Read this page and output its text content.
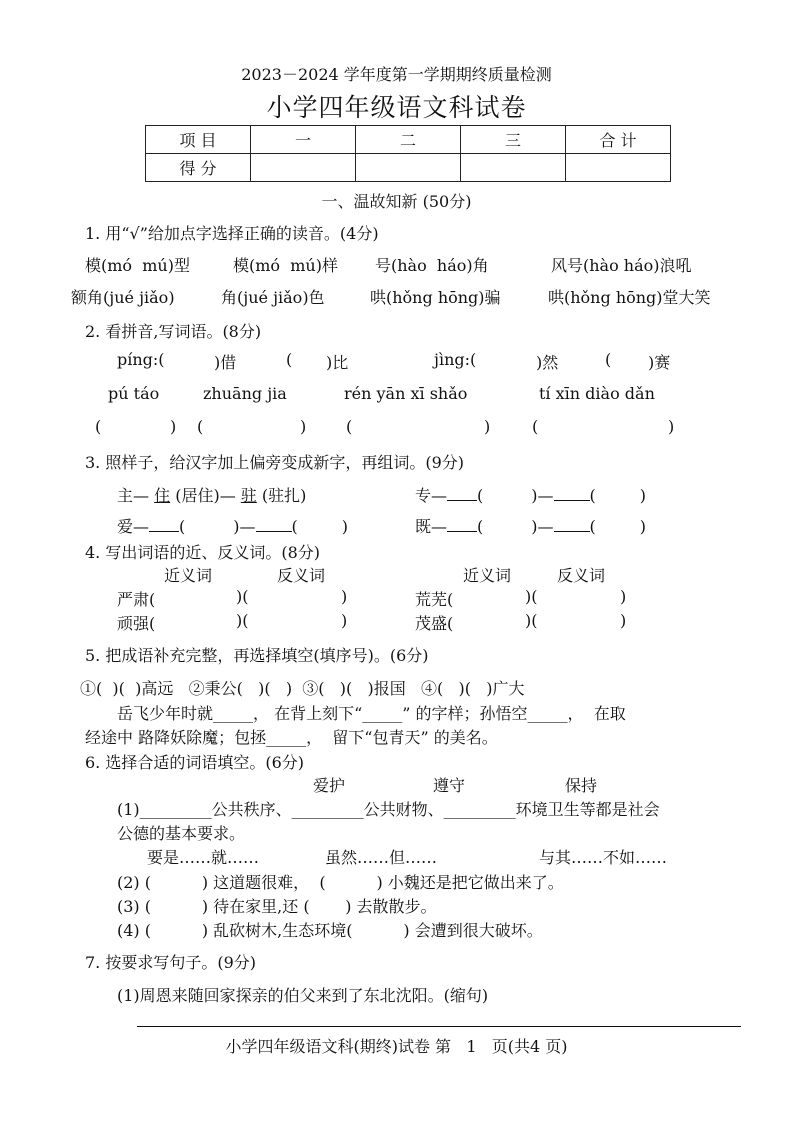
2023－2024 学年度第一学期期终质量检测
小学四年级语文科试卷
项 目	一	二	三	合 计
得 分				
一、温故知新 (50分)
1. 用“√”给加点字选择正确的读音。(4分)
模(mó  mú)型	模(mó  mú)样 号(hào  háo)角	风号(hào háo)浪吼
额角(jué jiǎo)	角(jué jiǎo)色	哄(hǒng hōng)骗	哄(hǒng hōng)堂大笑
2. 看拼音,写词语。(8分)
píng:(	)借	( )比	jìng:(	)然	( )赛
pú táo	zhuāng jia	rén yān xī shǎo	tí xīn diào dǎn
(	) (	) (	)	(	)
3. 照样子，给汉字加上偏旁变成新字，再组词。(9分)
主— 住 (居住)— 驻 (驻扎)	专— (	)— (	)
爱— (	)— (	)	既— (	)— (	)
4. 写出词语的近、反义词。(8分)
近义词	反义词	近义词	反义词
严肃(	)(	)	荒芜(	)(	)
顽强(	)(	)	茂盛(	)(	)
5. 把成语补充完整，再选择填空(填序号)。(6分)
①(  )(  )高远   ②秉公(   )(   )  ③(   )(   )报国   ④(   )(   )广大
岳飞少年时就_____， 在背上刻下“_____” 的字样；孙悟空_____，  在取
经途中 路降妖除魔；包拯_____，  留下“包青天” 的美名。
6. 选择合适的词语填空。(6分)
爱护	遵守	保持
(1)_________公共秩序、_________公共财物、_________环境卫生等都是社会
公德的基本要求。
要是……就……	虽然……但……	与其……不如……
(2) (          ) 这道题很难，  (          ) 小魏还是把它做出来了。
(3) (          ) 待在家里,还 (       ) 去散散步。
(4) (          ) 乱砍树木,生态环境(          ) 会遭到很大破坏。
7. 按要求写句子。(9分)
(1)周恩来随回家探亲的伯父来到了东北沈阳。(缩句)
小学四年级语文科(期终)试卷 第   1   页(共4 页)
